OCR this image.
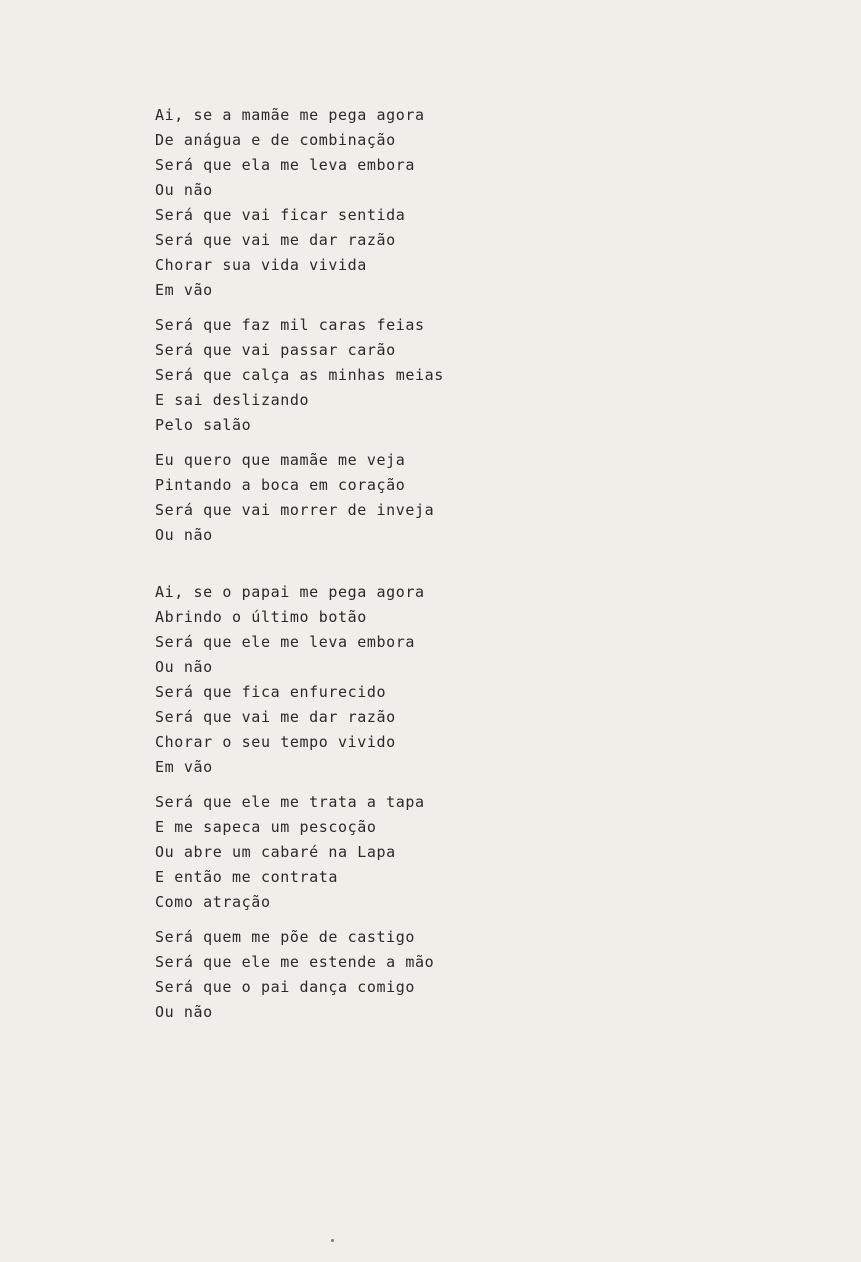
Ai, se a mamãe me pega agora
De anágua e de combinação
Será que ela me leva embora
Ou não
Será que vai ficar sentida
Será que vai me dar razão
Chorar sua vida vivida
Em vão
Será que faz mil caras feias
Será que vai passar carão
Será que calça as minhas meias
E sai deslizando
Pelo salão
Eu quero que mamãe me veja
Pintando a boca em coração
Será que vai morrer de inveja
Ou não
Ai, se o papai me pega agora
Abrindo o último botão
Será que ele me leva embora
Ou não
Será que fica enfurecido
Será que vai me dar razão
Chorar o seu tempo vivido
Em vão
Será que ele me trata a tapa
E me sapeca um pescoção
Ou abre um cabaré na Lapa
E então me contrata
Como atração
Será quem me põe de castigo
Será que ele me estende a mão
Será que o pai dança comigo
Ou não
